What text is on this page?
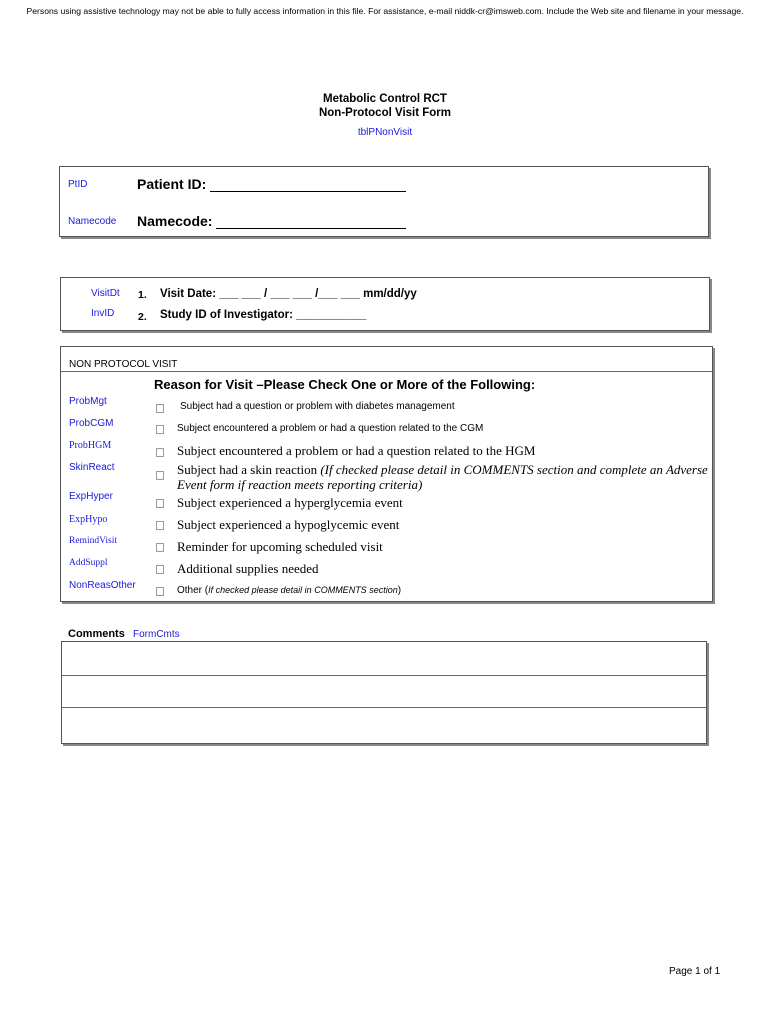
Persons using assistive technology may not be able to fully access information in this file. For assistance, e-mail niddk-cr@imsweb.com. Include the Web site and filename in your message.
Metabolic Control RCT
Non-Protocol Visit Form
tblPNonVisit
PtID	Patient ID:
Namecode Namecode:
VisitDt 1. Visit Date: ___ ___ / ___ ___ /___ ___ mm/dd/yy
InvID 2. Study ID of Investigator: ___________
NON PROTOCOL VISIT
Reason for Visit –Please Check One or More of the Following:
ProbMgt	Subject had a question or problem with diabetes management
ProbCGM	Subject encountered a problem or had a question related to the CGM
ProbHGM	Subject encountered a problem or had a question related to the HGM
SkinReact	Subject had a skin reaction (If checked please detail in COMMENTS section and complete an Adverse
Event form if reaction meets reporting criteria)
ExpHyper	Subject experienced a hyperglycemia event
ExpHypo	Subject experienced a hypoglycemic event
RemindVisit	Reminder for upcoming scheduled visit
AddSuppl	Additional supplies needed
NonReasOther	Other (If checked please detail in COMMENTS section)
Comments FormCmts
Page 1 of 1
